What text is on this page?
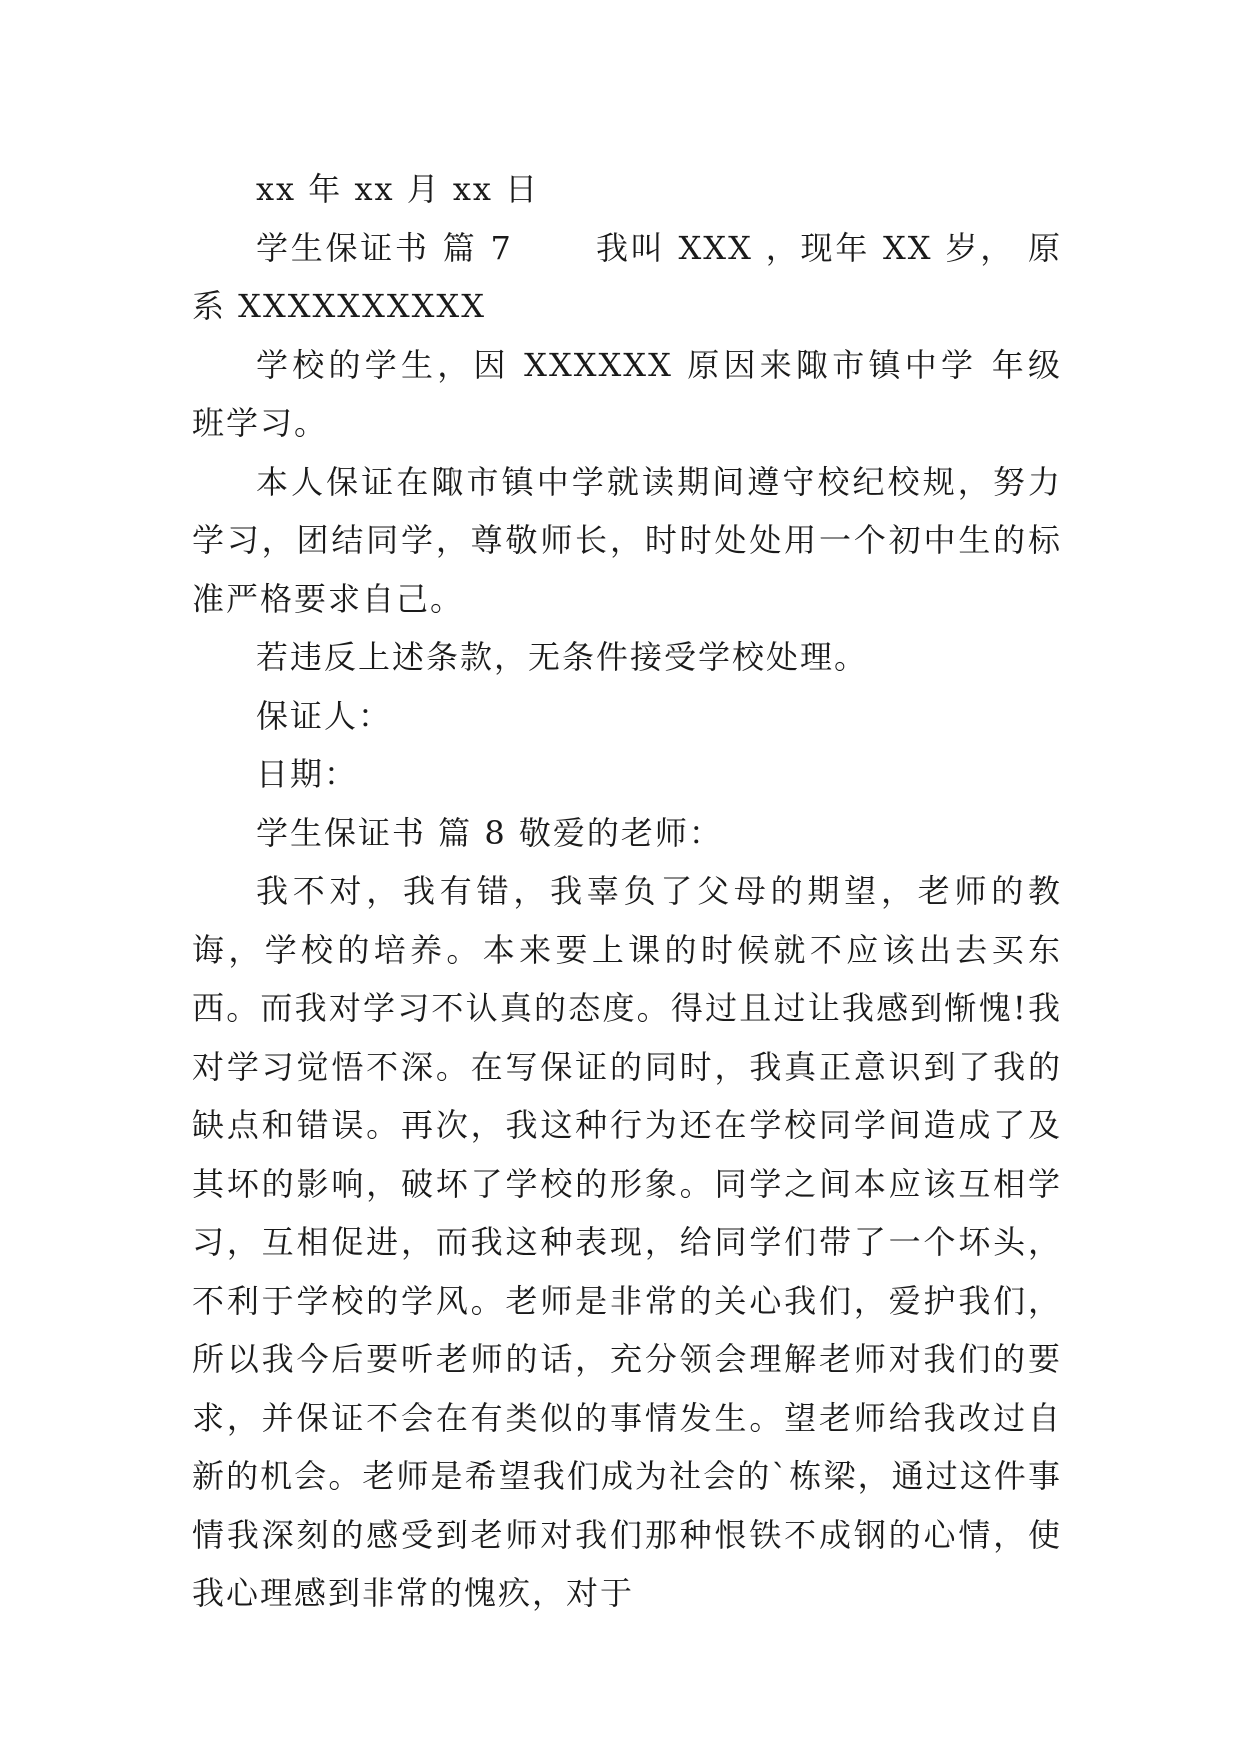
xx 年 xx 月 xx 日

学生保证书 篇 7　　 我叫 XXX ，现年 XX 岁， 原系 XXXXXXXXXX

学校的学生，因 XXXXXX 原因来陬市镇中学 年级 班学习。

本人保证在陬市镇中学就读期间遵守校纪校规，努力学习，团结同学，尊敬师长，时时处处用一个初中生的标准严格要求自己。

若违反上述条款，无条件接受学校处理。

保证人：

日期：

学生保证书 篇 8 敬爱的老师：

我不对，我有错，我辜负了父母的期望，老师的教诲，学校的培养。本来要上课的时候就不应该出去买东西。而我对学习不认真的态度。得过且过让我感到惭愧!我对学习觉悟不深。在写保证的同时，我真正意识到了我的缺点和错误。再次，我这种行为还在学校同学间造成了及其坏的影响，破坏了学校的形象。同学之间本应该互相学习，互相促进，而我这种表现，给同学们带了一个坏头，不利于学校的学风。老师是非常的关心我们，爱护我们，所以我今后要听老师的话，充分领会理解老师对我们的要求，并保证不会在有类似的事情发生。望老师给我改过自新的机会。老师是希望我们成为社会的`栋梁，通过这件事情我深刻的感受到老师对我们那种恨铁不成钢的心情，使我心理感到非常的愧疚，对于
